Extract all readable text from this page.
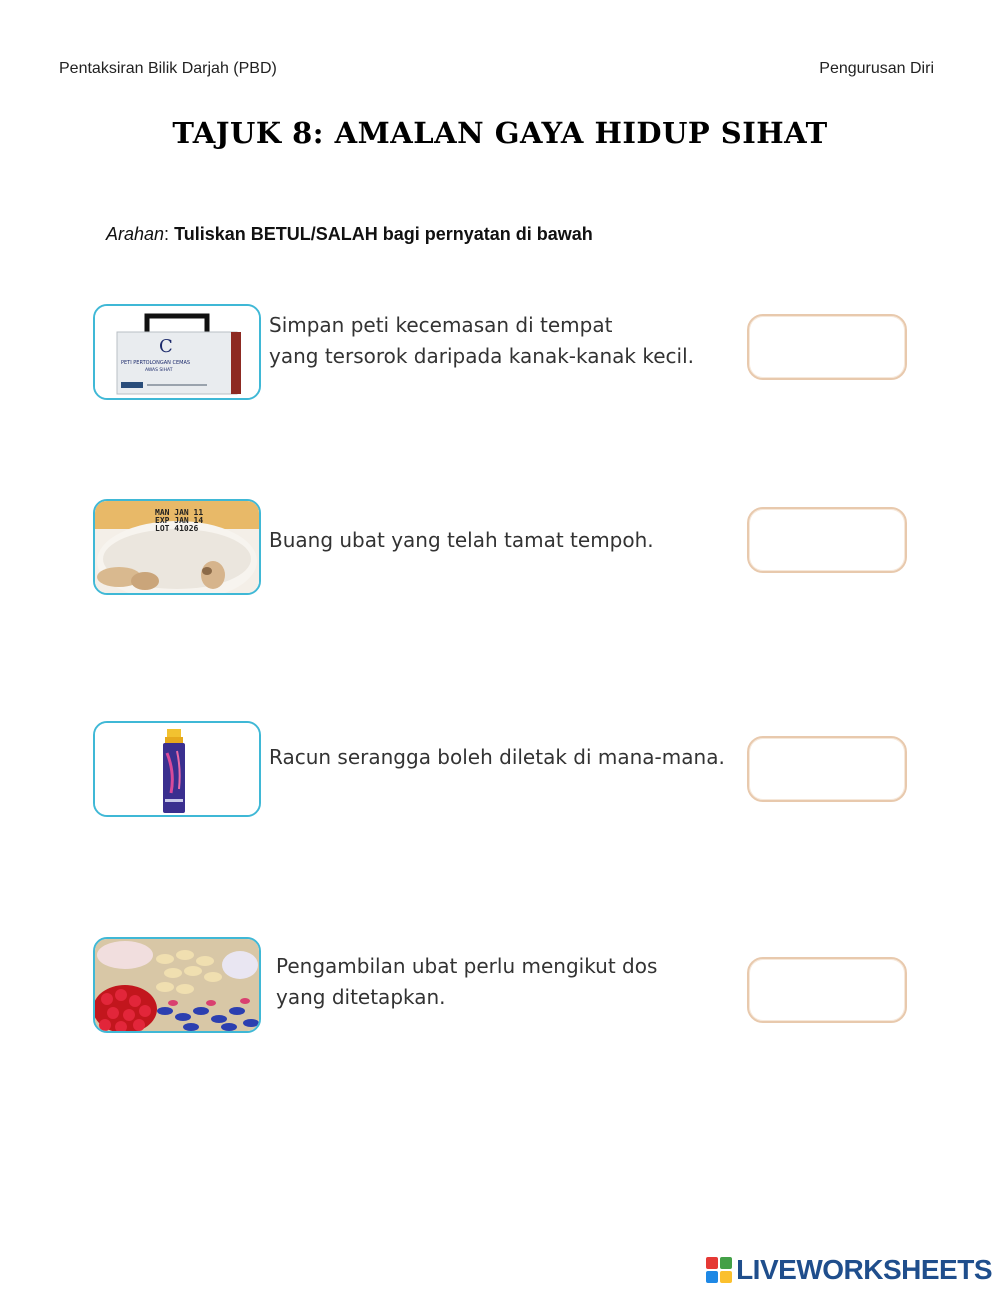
Pentaksiran Bilik Darjah (PBD)	Pengurusan Diri
TAJUK 8: AMALAN GAYA HIDUP SIHAT
Arahan: Tuliskan BETUL/SALAH bagi pernyatan di bawah
C
PETI PERTOLONGAN CEMAS
AWAS SIHAT
Simpan peti kecemasan di tempat
yang tersorok daripada kanak-kanak kecil.
MAN JAN 11
EXP JAN 14
LOT 41026	Buang ubat yang telah tamat tempoh.
Racun serangga boleh diletak di mana-mana.
Pengambilan ubat perlu mengikut dos
yang ditetapkan.
LIVEWORKSHEETS
